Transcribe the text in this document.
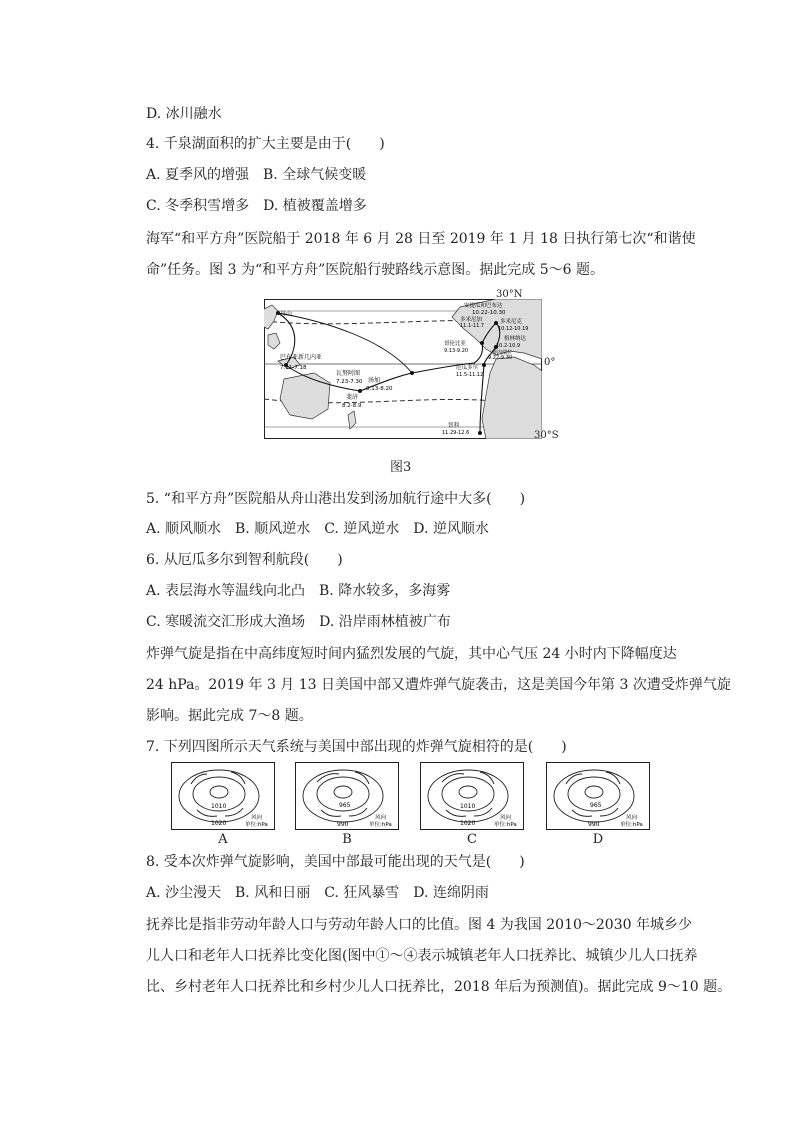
D. 冰川融水
4. 千泉湖面积的扩大主要是由于(　　)
A. 夏季风的增强　B. 全球气候变暖
C. 冬季积雪增多　D. 植被覆盖增多
海军“和平方舟”医院船于 2018 年 6 月 28 日至 2019 年 1 月 18 日执行第七次“和谐使
命”任务。图 3 为“和平方舟”医院船行驶路线示意图。据此完成 5～6 题。
舟山
巴布亚新几内亚
7.11-7.18
瓦努阿图
7.23-7.30 汤加
8.13-8.20
斐济
8.2-8.9
安提瓜和巴布达
10.22-10.30
多米尼克
10.12-10.19
多米尼加
11.1-11.7
格林纳达
10.2-10.9
哥伦比亚
9.13-9.20	委内瑞拉
9.22-9.30
厄瓜多尔
11.5-11.12
智利
11.29-12.6
30°N
0°
30°S
图3
5. “和平方舟”医院船从舟山港出发到汤加航行途中大多(　　)
A. 顺风顺水　B. 顺风逆水　C. 逆风逆水　D. 逆风顺水
6. 从厄瓜多尔到智利航段(　　)
A. 表层海水等温线向北凸　B. 降水较多，多海雾
C. 寒暖流交汇形成大渔场　D. 沿岸雨林植被广布
炸弹气旋是指在中高纬度短时间内猛烈发展的气旋，其中心气压 24 小时内下降幅度达
24 hPa。2019 年 3 月 13 日美国中部又遭炸弹气旋袭击，这是美国今年第 3 次遭受炸弹气旋
影响。据此完成 7～8 题。
7. 下列四图所示天气系统与美国中部出现的炸弹气旋相符的是(　　)
1010
1020
风向
单位:hPa
965
990
风向
单位:hPa
1010
1020
风向
单位:hPa
965
990
风向
单位:hPa
A	B	C	D
8. 受本次炸弹气旋影响，美国中部最可能出现的天气是(　　)
A. 沙尘漫天　B. 风和日丽　C. 狂风暴雪　D. 连绵阴雨
抚养比是指非劳动年龄人口与劳动年龄人口的比值。图 4 为我国 2010～2030 年城乡少
儿人口和老年人口抚养比变化图(图中①～④表示城镇老年人口抚养比、城镇少儿人口抚养
比、乡村老年人口抚养比和乡村少儿人口抚养比，2018 年后为预测值)。据此完成 9～10 题。
